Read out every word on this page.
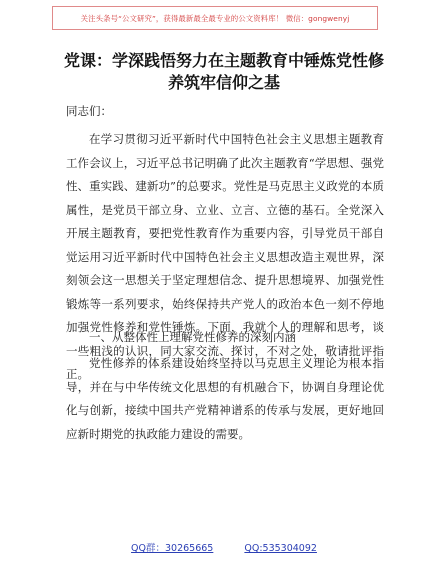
关注头条号“公文研究”，获得最新最全最专业的公文资料库！ 微信：gongwenyj
党课：学深践悟努力在主题教育中锤炼党性修
养筑牢信仰之基
同志们：

在学习贯彻习近平新时代中国特色社会主义思想主题教育工作会议上，习近平总书记明确了此次主题教育“学思想、强党性、重实践、建新功”的总要求。党性是马克思主义政党的本质属性，是党员干部立身、立业、立言、立德的基石。全党深入开展主题教育，要把党性教育作为重要内容，引导党员干部自觉运用习近平新时代中国特色社会主义思想改造主观世界，深刻领会这一思想关于坚定理想信念、提升思想境界、加强党性锻炼等一系列要求，始终保持共产党人的政治本色一刻不停地加强党性修养和党性锤炼。下面，我就个人的理解和思考，谈一些粗浅的认识，同大家交流、探讨，不对之处，敬请批评指正。

一、从整体性上理解党性修养的深刻内涵

党性修养的体系建设始终坚持以马克思主义理论为根本指导，并在与中华传统文化思想的有机融合下，协调自身理论优化与创新，接续中国共产党精神谱系的传承与发展，更好地回应新时期党的执政能力建设的需要。

QQ群：30265665	QQ:535304092
